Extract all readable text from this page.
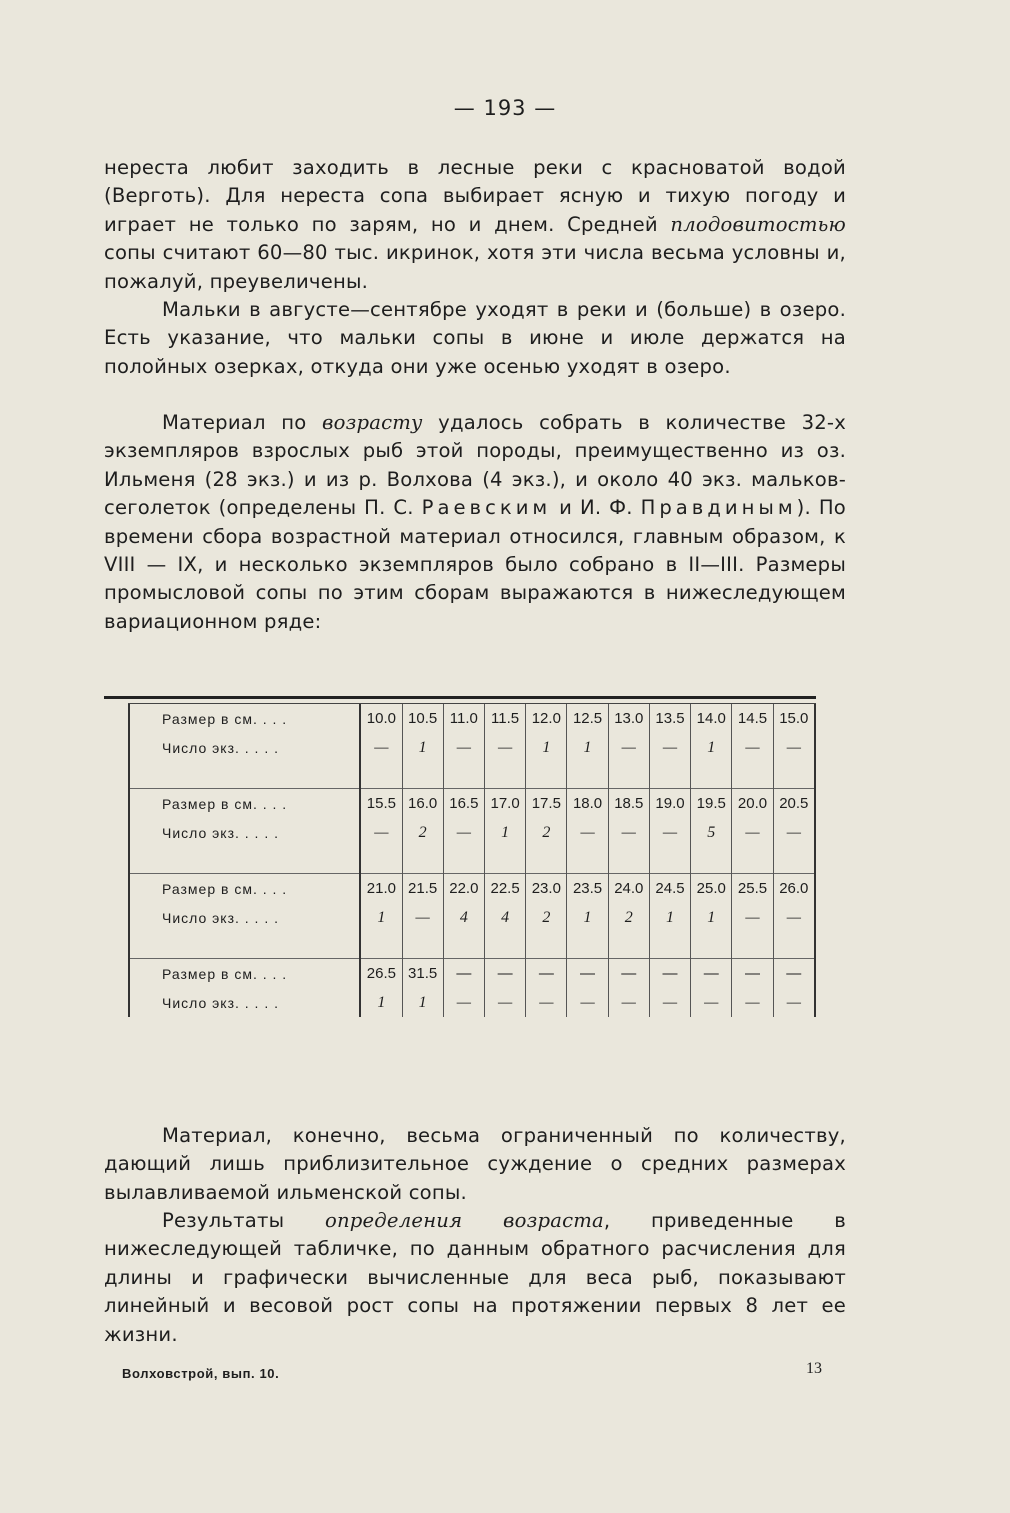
— 193 —

нереста любит заходить в лесные реки с красноватой водой (Верготь). Для нереста сопа выбирает ясную и тихую погоду и играет не только по зарям, но и днем. Средней плодовитостью сопы считают 60—80 тыс. икринок, хотя эти числа весьма условны и, пожалуй, преувеличены.

Мальки в августе—сентябре уходят в реки и (больше) в озеро. Есть указание, что мальки сопы в июне и июле держатся на полойных озерках, откуда они уже осенью уходят в озеро.

Материал по возрасту удалось собрать в количестве 32-х экземпляров взрослых рыб этой породы, преимущественно из оз. Ильменя (28 экз.) и из р. Волхова (4 экз.), и около 40 экз. мальков-сеголеток (определены П. С. Раевским и И. Ф. Правдиным). По времени сбора возрастной материал относился, главным образом, к VIII — IX, и несколько экземпляров было собрано в II—III. Размеры промысловой сопы по этим сборам выражаются в нижеследующем вариационном ряде:

Размер в см. . . .	10.0	10.5	11.0	11.5	12.0	12.5	13.0	13.5	14.0	14.5	15.0
Число экз. . . . .	—	1	—	—	1	1	—	—	1	—	—

Размер в см. . . .	15.5	16.0	16.5	17.0	17.5	18.0	18.5	19.0	19.5	20.0	20.5
Число экз. . . . .	—	2	—	1	2	—	—	—	5	—	—

Размер в см. . . .	21.0	21.5	22.0	22.5	23.0	23.5	24.0	24.5	25.0	25.5	26.0
Число экз. . . . .	1	—	4	4	2	1	2	1	1	—	—

Размер в см. . . .	26.5	31.5	—	—	—	—	—	—	—	—	—
Число экз. . . . .	1	1	—	—	—	—	—	—	—	—	—

Материал, конечно, весьма ограниченный по количеству, дающий лишь приблизительное суждение о средних размерах вылавливаемой ильменской сопы.

Результаты определения возраста, приведенные в нижеследующей табличке, по данным обратного расчисления для длины и графически вычисленные для веса рыб, показывают линейный и весовой рост сопы на протяжении первых 8 лет ее жизни.

Волховстрой, вып. 10.	13
